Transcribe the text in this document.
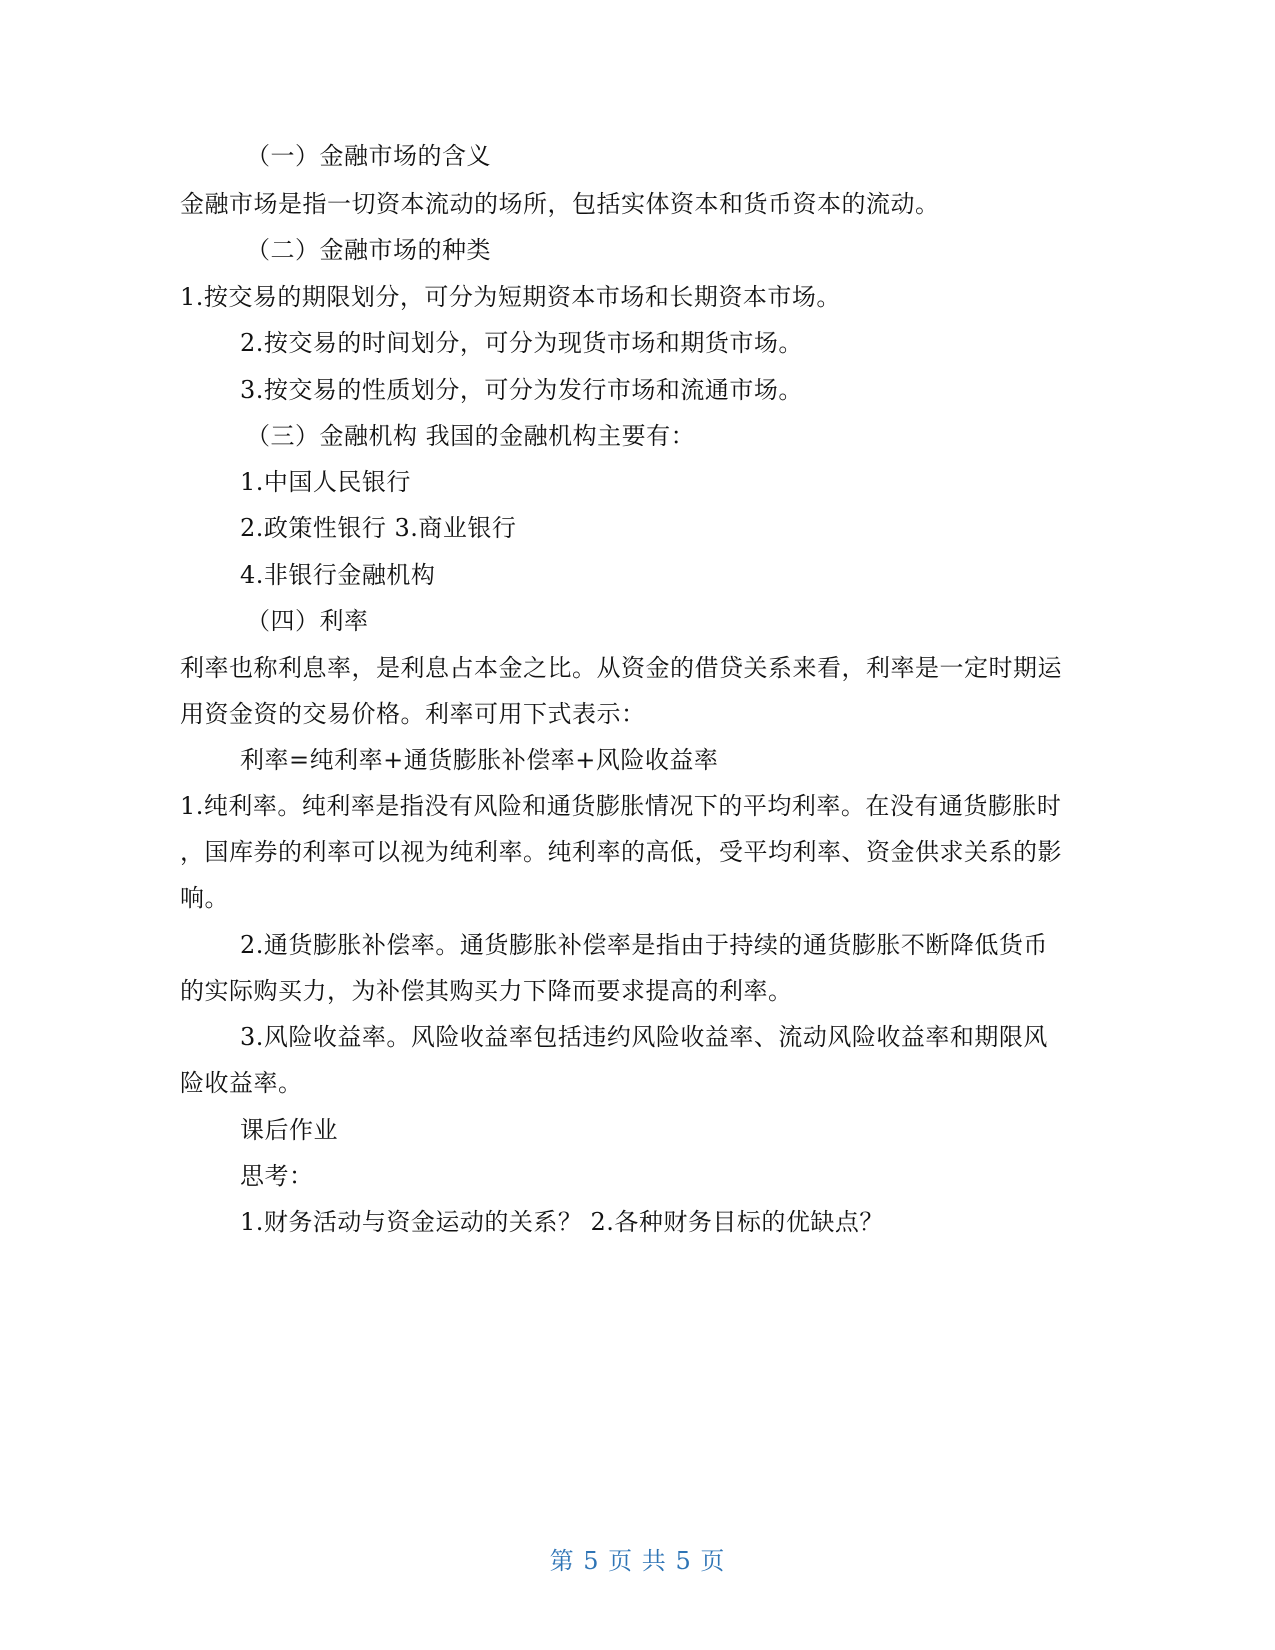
（一）金融市场的含义
金融市场是指一切资本流动的场所，包括实体资本和货币资本的流动。
（二）金融市场的种类
1.按交易的期限划分，可分为短期资本市场和长期资本市场。
2.按交易的时间划分，可分为现货市场和期货市场。
3.按交易的性质划分，可分为发行市场和流通市场。
（三）金融机构 我国的金融机构主要有：
1.中国人民银行
2.政策性银行 3.商业银行
4.非银行金融机构
（四）利率
利率也称利息率，是利息占本金之比。从资金的借贷关系来看，利率是一定时期运
用资金资的交易价格。利率可用下式表示：
利率=纯利率+通货膨胀补偿率+风险收益率
1.纯利率。纯利率是指没有风险和通货膨胀情况下的平均利率。在没有通货膨胀时
，国库券的利率可以视为纯利率。纯利率的高低，受平均利率、资金供求关系的影
响。
2.通货膨胀补偿率。通货膨胀补偿率是指由于持续的通货膨胀不断降低货币
的实际购买力，为补偿其购买力下降而要求提高的利率。
3.风险收益率。风险收益率包括违约风险收益率、流动风险收益率和期限风
险收益率。
课后作业
思考：
1.财务活动与资金运动的关系？ 2.各种财务目标的优缺点？
第 5 页 共 5 页
